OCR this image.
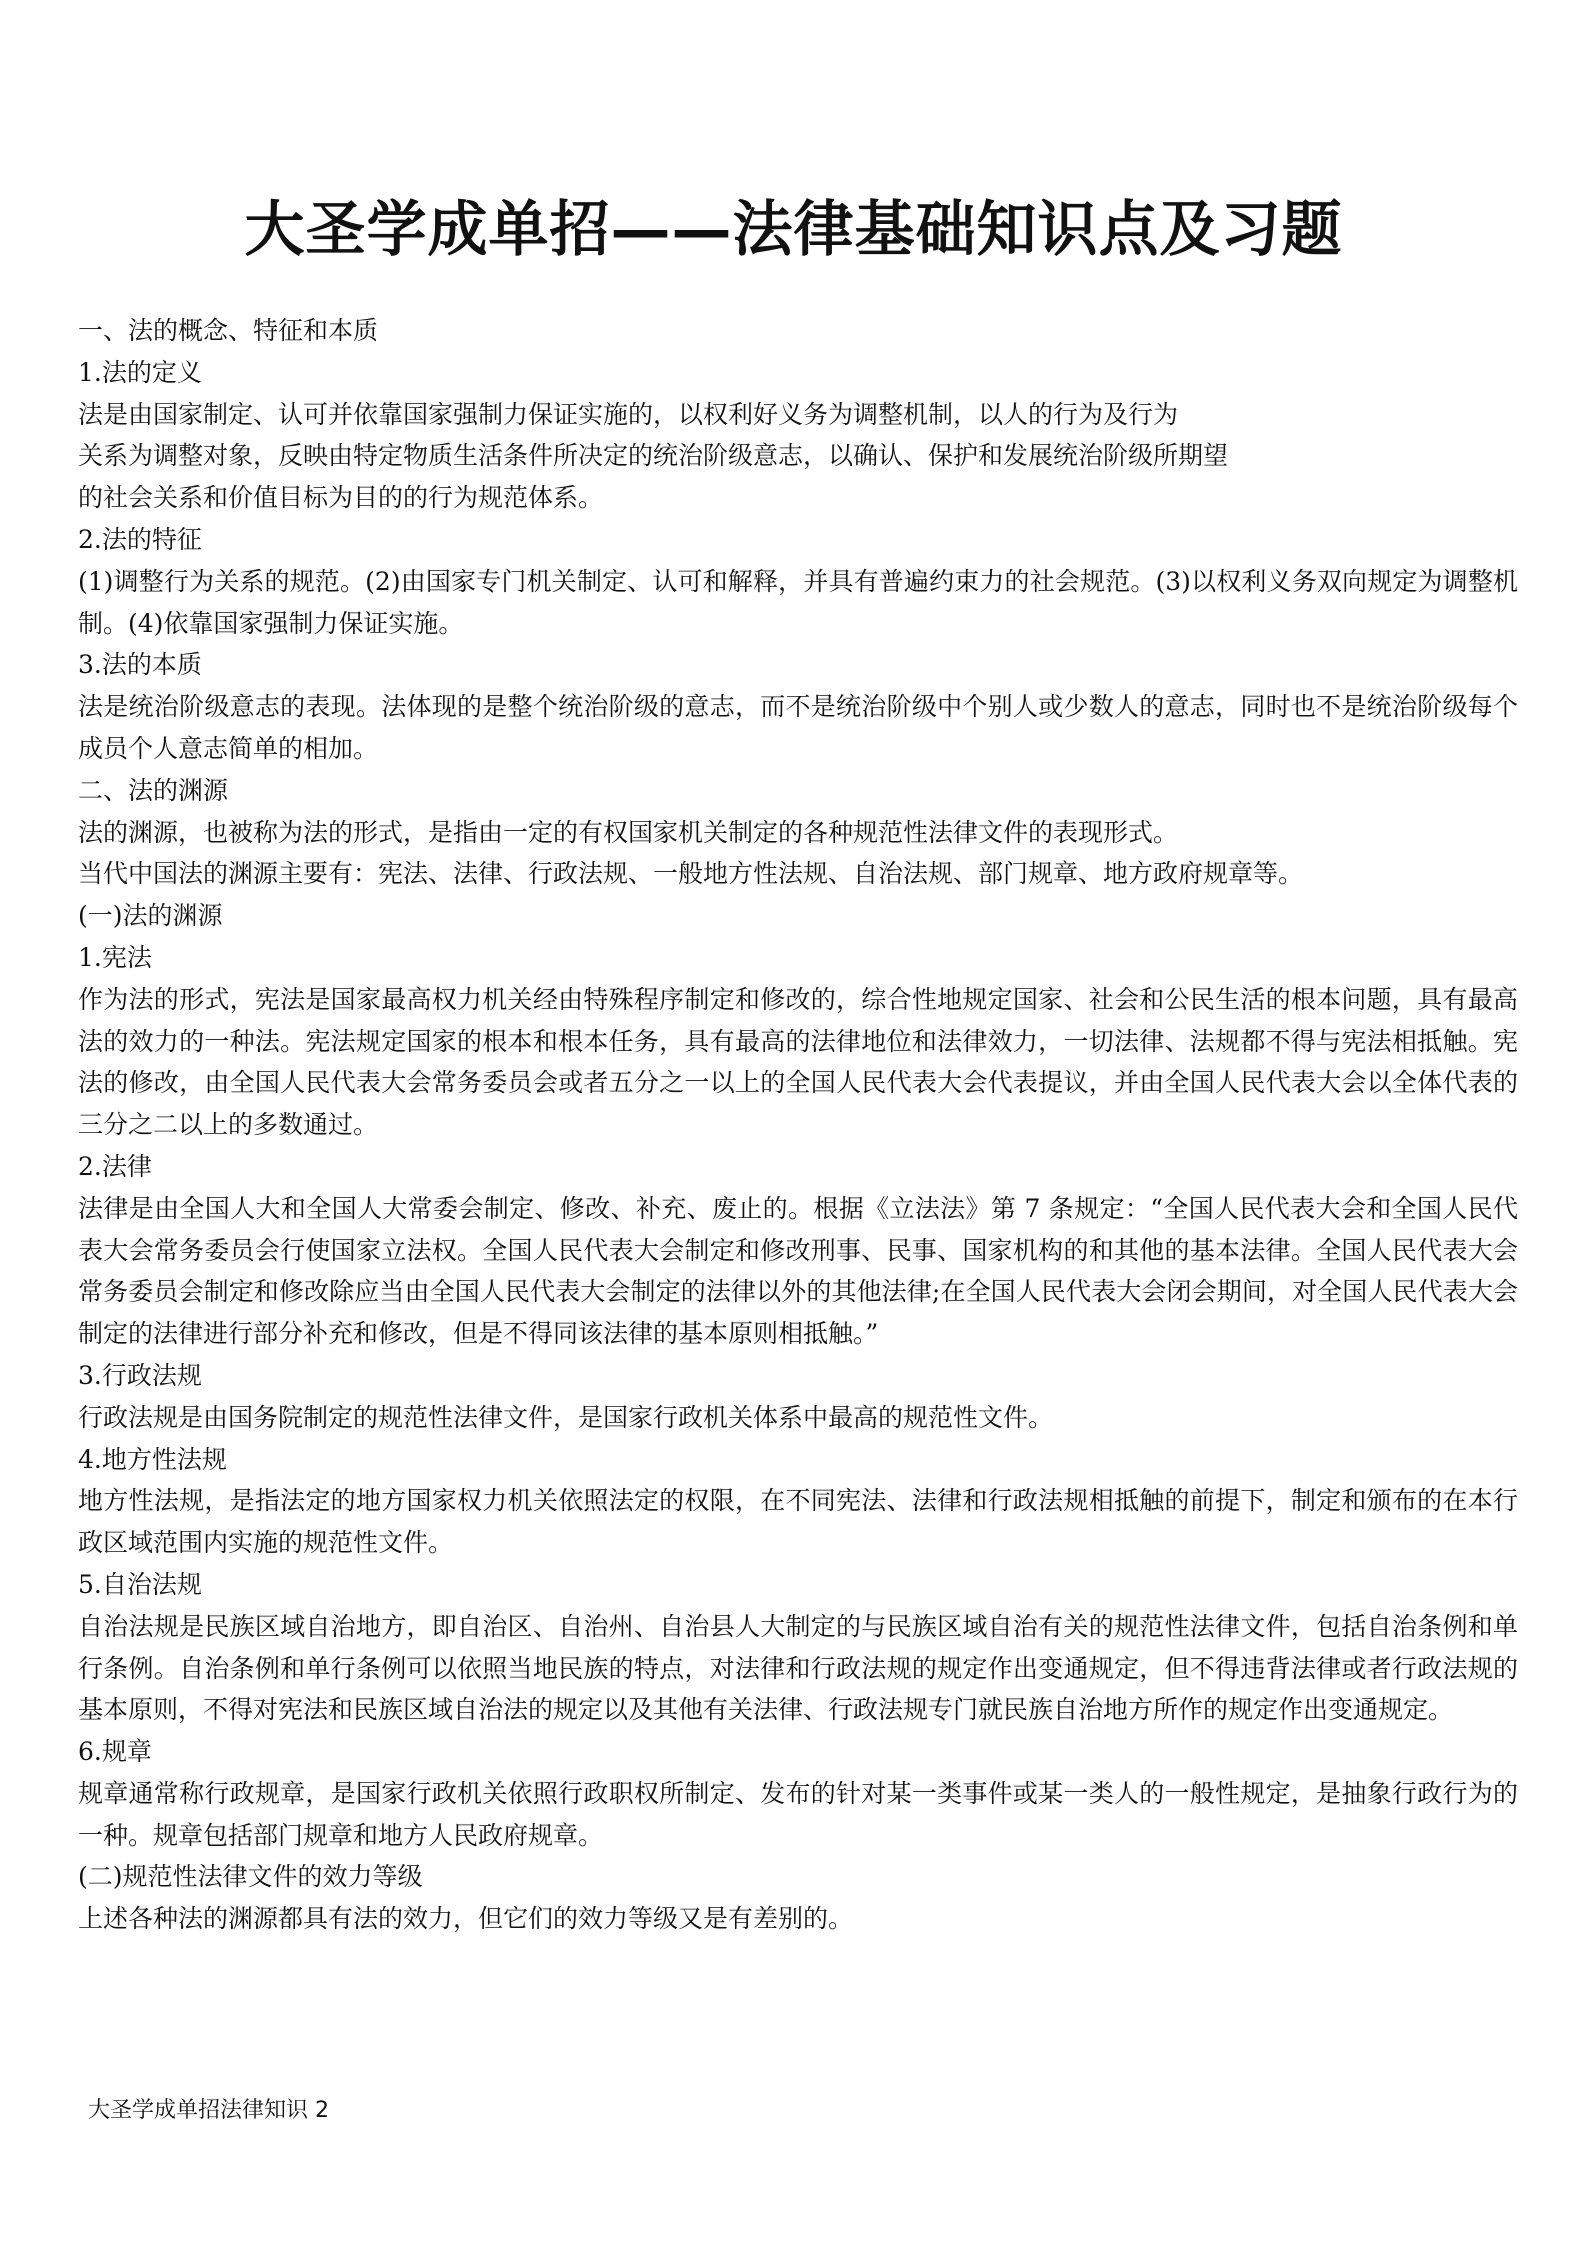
大圣学成单招——法律基础知识点及习题

一、法的概念、特征和本质

1.法的定义

法是由国家制定、认可并依靠国家强制力保证实施的，以权利好义务为调整机制，以人的行为及行为

关系为调整对象，反映由特定物质生活条件所决定的统治阶级意志，以确认、保护和发展统治阶级所期望

的社会关系和价值目标为目的的行为规范体系。

2.法的特征

(1)调整行为关系的规范。(2)由国家专门机关制定、认可和解释，并具有普遍约束力的社会规范。(3)以权利义务双向规定为调整机制。(4)依靠国家强制力保证实施。

3.法的本质

法是统治阶级意志的表现。法体现的是整个统治阶级的意志，而不是统治阶级中个别人或少数人的意志，同时也不是统治阶级每个成员个人意志简单的相加。

二、法的渊源

法的渊源，也被称为法的形式，是指由一定的有权国家机关制定的各种规范性法律文件的表现形式。

当代中国法的渊源主要有：宪法、法律、行政法规、一般地方性法规、自治法规、部门规章、地方政府规章等。

(一)法的渊源

1.宪法

作为法的形式，宪法是国家最高权力机关经由特殊程序制定和修改的，综合性地规定国家、社会和公民生活的根本问题，具有最高法的效力的一种法。宪法规定国家的根本和根本任务，具有最高的法律地位和法律效力，一切法律、法规都不得与宪法相抵触。宪法的修改，由全国人民代表大会常务委员会或者五分之一以上的全国人民代表大会代表提议，并由全国人民代表大会以全体代表的三分之二以上的多数通过。

2.法律

法律是由全国人大和全国人大常委会制定、修改、补充、废止的。根据《立法法》第 7 条规定：“全国人民代表大会和全国人民代表大会常务委员会行使国家立法权。全国人民代表大会制定和修改刑事、民事、国家机构的和其他的基本法律。全国人民代表大会常务委员会制定和修改除应当由全国人民代表大会制定的法律以外的其他法律;在全国人民代表大会闭会期间，对全国人民代表大会制定的法律进行部分补充和修改，但是不得同该法律的基本原则相抵触。”

3.行政法规

行政法规是由国务院制定的规范性法律文件，是国家行政机关体系中最高的规范性文件。

4.地方性法规

地方性法规，是指法定的地方国家权力机关依照法定的权限，在不同宪法、法律和行政法规相抵触的前提下，制定和颁布的在本行政区域范围内实施的规范性文件。

5.自治法规

自治法规是民族区域自治地方，即自治区、自治州、自治县人大制定的与民族区域自治有关的规范性法律文件，包括自治条例和单行条例。自治条例和单行条例可以依照当地民族的特点，对法律和行政法规的规定作出变通规定，但不得违背法律或者行政法规的基本原则，不得对宪法和民族区域自治法的规定以及其他有关法律、行政法规专门就民族自治地方所作的规定作出变通规定。

6.规章

规章通常称行政规章，是国家行政机关依照行政职权所制定、发布的针对某一类事件或某一类人的一般性规定，是抽象行政行为的一种。规章包括部门规章和地方人民政府规章。

(二)规范性法律文件的效力等级

上述各种法的渊源都具有法的效力，但它们的效力等级又是有差别的。

大圣学成单招法律知识 2
